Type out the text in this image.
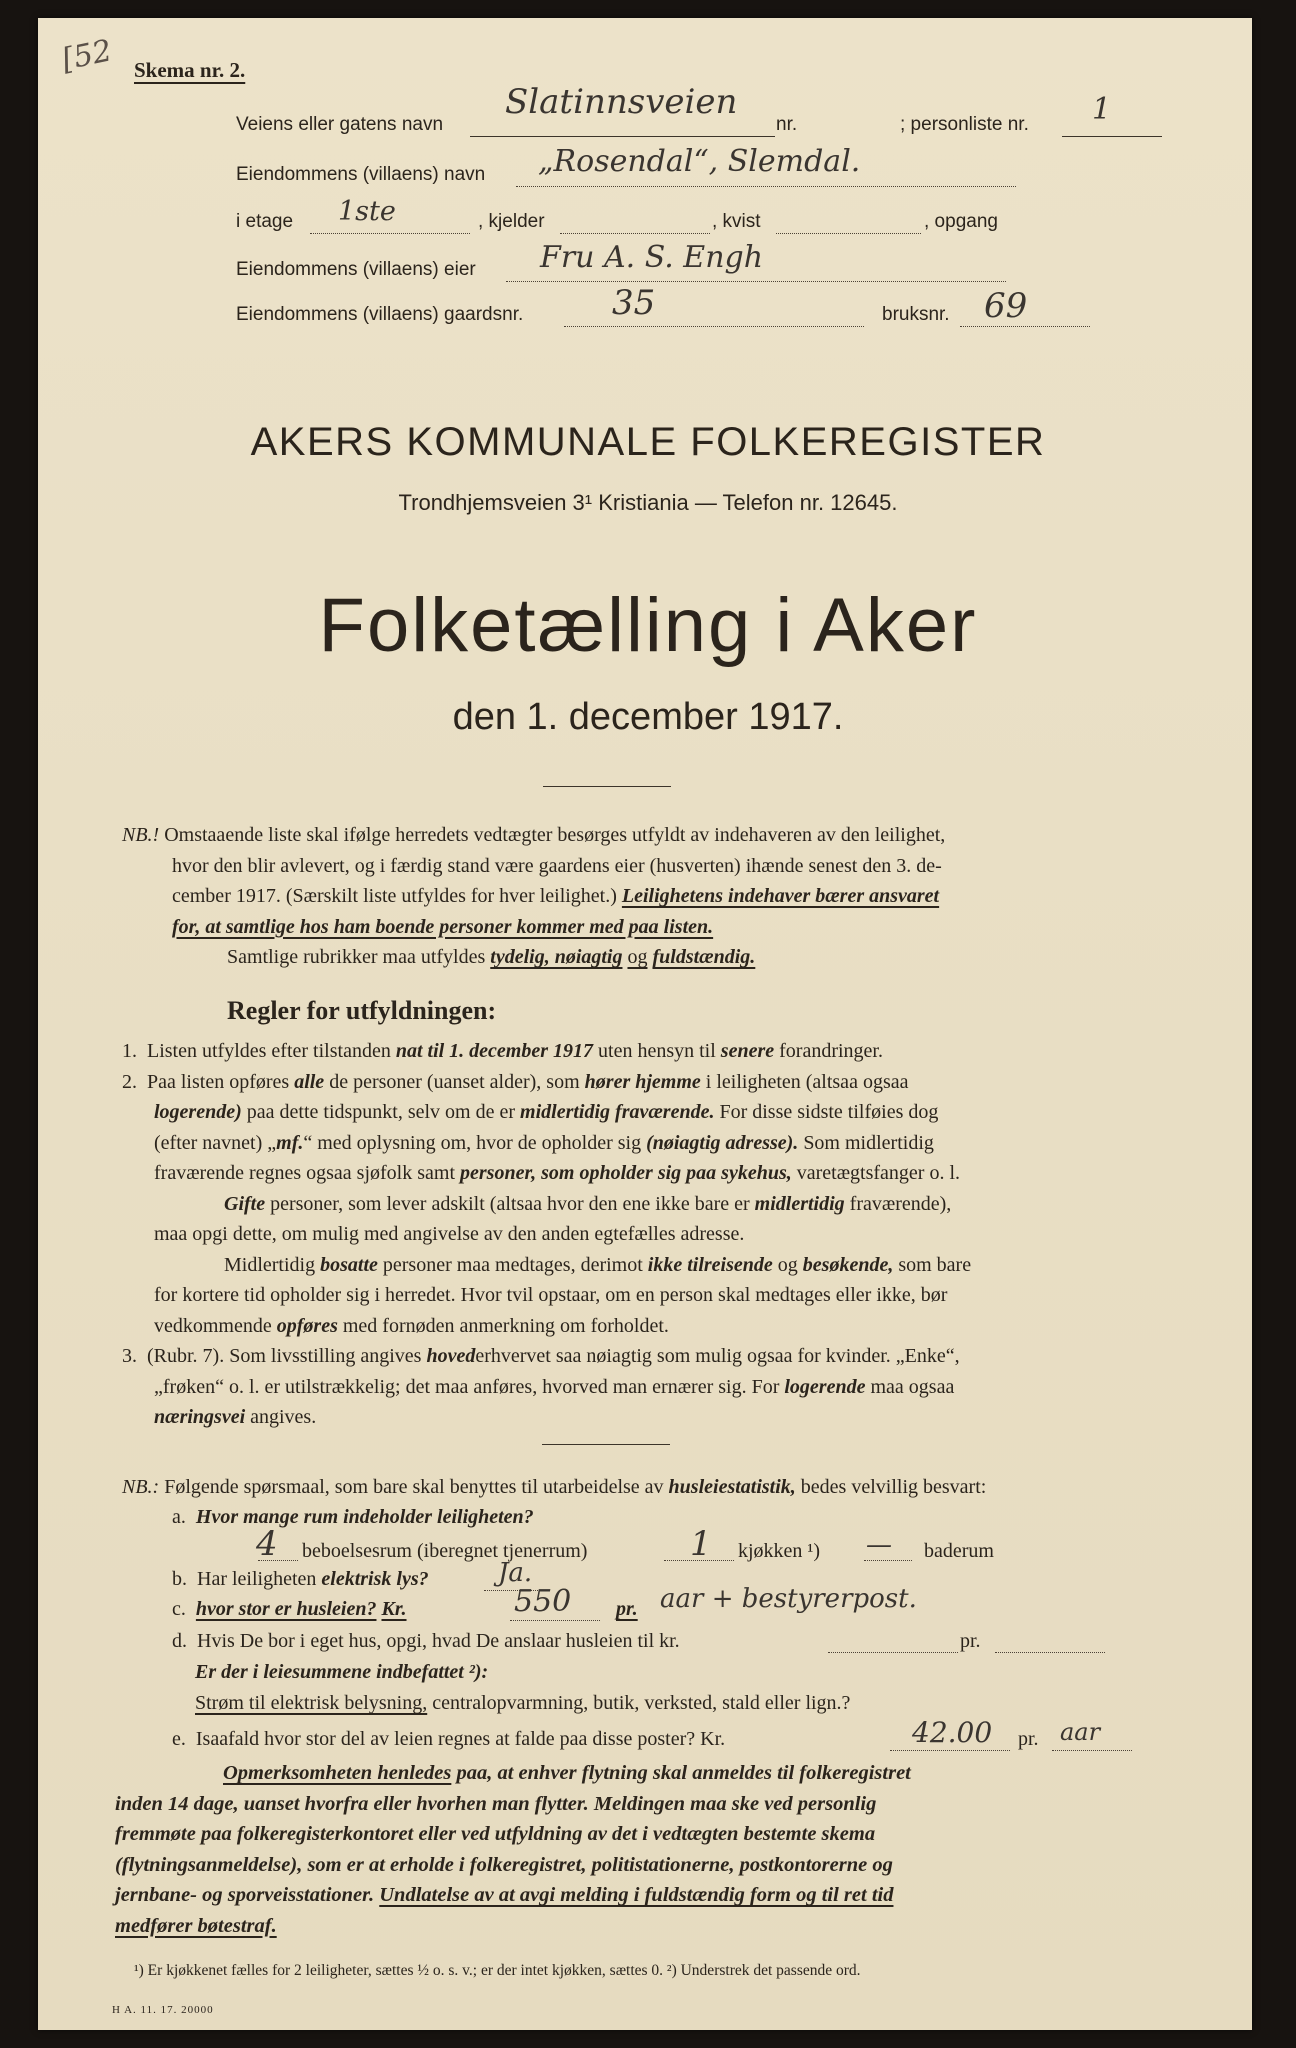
[52 Skema nr. 2.
Veiens eller gatens navn
Slatinnsveien
nr.	; personliste nr. 1
Eiendommens (villaens) navn „Rosendal“, Slemdal.
i etage 1ste	, kjelder	, kvist	, opgang
Eiendommens (villaens) eier Fru A. S. Engh
Eiendommens (villaens) gaardsnr.	35	bruksnr. 69
AKERS KOMMUNALE FOLKEREGISTER
Trondhjemsveien 3¹ Kristiania — Telefon nr. 12645.
Folketælling i Aker
den 1. december 1917.
NB.! Omstaaende liste skal ifølge herredets vedtægter besørges utfyldt av indehaveren av den leilighet,
hvor den blir avlevert, og i færdig stand være gaardens eier (husverten) ihænde senest den 3. de-
cember 1917. (Særskilt liste utfyldes for hver leilighet.) Leilighetens indehaver bærer ansvaret
for, at samtlige hos ham boende personer kommer med paa listen.
Samtlige rubrikker maa utfyldes tydelig, nøiagtig og fuldstændig.
Regler for utfyldningen:
1. Listen utfyldes efter tilstanden nat til 1. december 1917 uten hensyn til senere forandringer.
2. Paa listen opføres alle de personer (uanset alder), som hører hjemme i leiligheten (altsaa ogsaa
logerende) paa dette tidspunkt, selv om de er midlertidig fraværende. For disse sidste tilføies dog
(efter navnet) „mf.“ med oplysning om, hvor de opholder sig (nøiagtig adresse). Som midlertidig
fraværende regnes ogsaa sjøfolk samt personer, som opholder sig paa sykehus, varetægtsfanger o. l.
Gifte personer, som lever adskilt (altsaa hvor den ene ikke bare er midlertidig fraværende),
maa opgi dette, om mulig med angivelse av den anden egtefælles adresse.
Midlertidig bosatte personer maa medtages, derimot ikke tilreisende og besøkende, som bare
for kortere tid opholder sig i herredet. Hvor tvil opstaar, om en person skal medtages eller ikke, bør
vedkommende opføres med fornøden anmerkning om forholdet.
3. (Rubr. 7). Som livsstilling angives hovederhvervet saa nøiagtig som mulig ogsaa for kvinder. „Enke“,
„frøken“ o. l. er utilstrækkelig; det maa anføres, hvorved man ernærer sig. For logerende maa ogsaa
næringsvei angives.
NB.: Følgende spørsmaal, som bare skal benyttes til utarbeidelse av husleiestatistik, bedes velvillig besvart:
a. Hvor mange rum indeholder leiligheten?
4 beboelsesrum (iberegnet tjenerrum)	1 kjøkken ¹) — baderum
b. Har leiligheten elektrisk lys?	Ja.
c. hvor stor er husleien? Kr.	550 pr. aar + bestyrerpost.
d. Hvis De bor i eget hus, opgi, hvad De anslaar husleien til kr.	pr.
Er der i leiesummene indbefattet ²):
Strøm til elektrisk belysning, centralopvarmning, butik, verksted, stald eller lign.?
e. Isaafald hvor stor del av leien regnes at falde paa disse poster? Kr.	42.00 pr. aar
Opmerksomheten henledes paa, at enhver flytning skal anmeldes til folkeregistret
inden 14 dage, uanset hvorfra eller hvorhen man flytter. Meldingen maa ske ved personlig
fremmøte paa folkeregisterkontoret eller ved utfyldning av det i vedtægten bestemte skema
(flytningsanmeldelse), som er at erholde i folkeregistret, politistationerne, postkontorerne og
jernbane- og sporveisstationer. Undlatelse av at avgi melding i fuldstændig form og til ret tid
medfører bøtestraf.
¹) Er kjøkkenet fælles for 2 leiligheter, sættes ½ o. s. v.; er der intet kjøkken, sættes 0. ²) Understrek det passende ord.
H A. 11. 17. 20000
